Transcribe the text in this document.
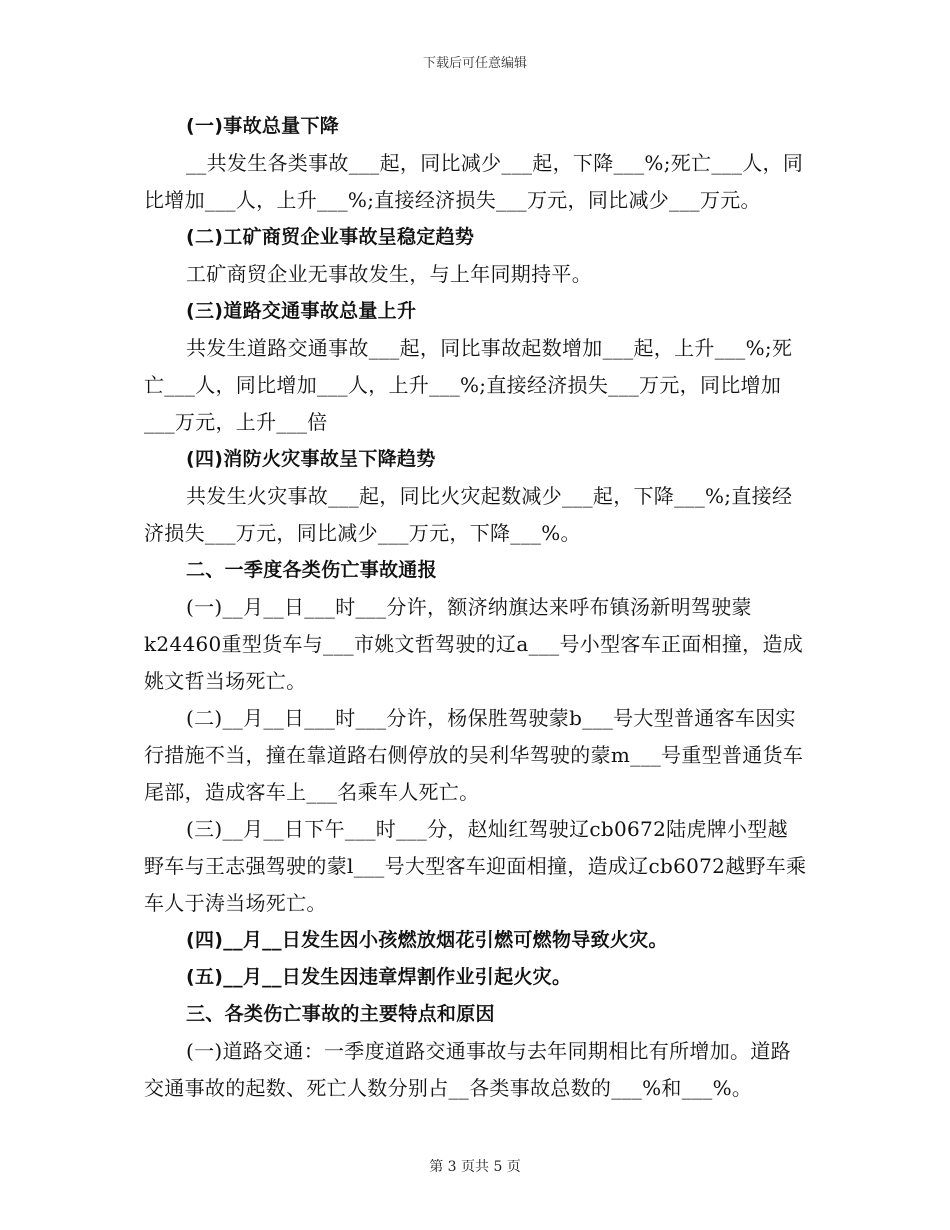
下载后可任意编辑

(一)事故总量下降

__共发生各类事故___起，同比减少___起，下降___%;死亡___人，同比增加___人，上升___%;直接经济损失___万元，同比减少___万元。

(二)工矿商贸企业事故呈稳定趋势

工矿商贸企业无事故发生，与上年同期持平。

(三)道路交通事故总量上升

共发生道路交通事故___起，同比事故起数增加___起，上升___%;死亡___人，同比增加___人，上升___%;直接经济损失___万元，同比增加___万元，上升___倍

(四)消防火灾事故呈下降趋势

共发生火灾事故___起，同比火灾起数减少___起，下降___%;直接经济损失___万元，同比减少___万元，下降___%。

二、一季度各类伤亡事故通报

(一)__月__日___时___分许，额济纳旗达来呼布镇汤新明驾驶蒙k24460重型货车与___市姚文哲驾驶的辽a___号小型客车正面相撞，造成姚文哲当场死亡。

(二)__月__日___时___分许，杨保胜驾驶蒙b___号大型普通客车因实行措施不当，撞在靠道路右侧停放的吴利华驾驶的蒙m___号重型普通货车尾部，造成客车上___名乘车人死亡。

(三)__月__日下午___时___分，赵灿红驾驶辽cb0672陆虎牌小型越野车与王志强驾驶的蒙l___号大型客车迎面相撞，造成辽cb6072越野车乘车人于涛当场死亡。

(四)__月__日发生因小孩燃放烟花引燃可燃物导致火灾。

(五)__月__日发生因违章焊割作业引起火灾。

三、各类伤亡事故的主要特点和原因

(一)道路交通：一季度道路交通事故与去年同期相比有所增加。道路交通事故的起数、死亡人数分别占__各类事故总数的___%和___%。

第 3 页共 5 页
